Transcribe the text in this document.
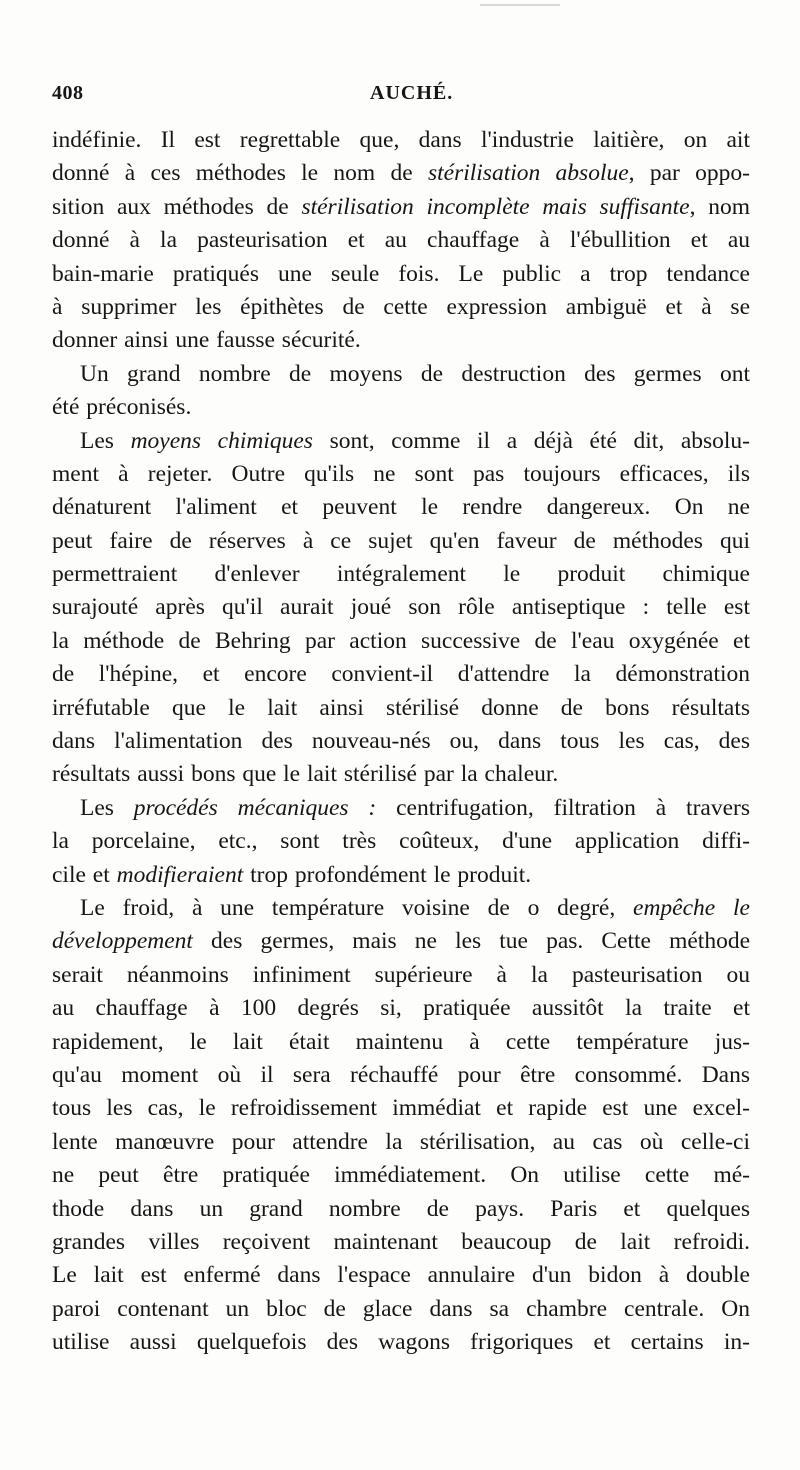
408	AUCHÉ.
indéfinie. Il est regrettable que, dans l'industrie laitière, on ait
donné à ces méthodes le nom de stérilisation absolue, par oppo-
sition aux méthodes de stérilisation incomplète mais suffisante, nom
donné à la pasteurisation et au chauffage à l'ébullition et au
bain-marie pratiqués une seule fois. Le public a trop tendance
à supprimer les épithètes de cette expression ambiguë et à se
donner ainsi une fausse sécurité.
Un grand nombre de moyens de destruction des germes ont
été préconisés.
Les moyens chimiques sont, comme il a déjà été dit, absolu-
ment à rejeter. Outre qu'ils ne sont pas toujours efficaces, ils
dénaturent l'aliment et peuvent le rendre dangereux. On ne
peut faire de réserves à ce sujet qu'en faveur de méthodes qui
permettraient d'enlever intégralement le produit chimique
surajouté après qu'il aurait joué son rôle antiseptique : telle est
la méthode de Behring par action successive de l'eau oxygénée et
de l'hépine, et encore convient-il d'attendre la démonstration
irréfutable que le lait ainsi stérilisé donne de bons résultats
dans l'alimentation des nouveau-nés ou, dans tous les cas, des
résultats aussi bons que le lait stérilisé par la chaleur.
Les procédés mécaniques : centrifugation, filtration à travers
la porcelaine, etc., sont très coûteux, d'une application diffi-
cile et modifieraient trop profondément le produit.
Le froid, à une température voisine de o degré, empêche le
développement des germes, mais ne les tue pas. Cette méthode
serait néanmoins infiniment supérieure à la pasteurisation ou
au chauffage à 100 degrés si, pratiquée aussitôt la traite et
rapidement, le lait était maintenu à cette température jus-
qu'au moment où il sera réchauffé pour être consommé. Dans
tous les cas, le refroidissement immédiat et rapide est une excel-
lente manœuvre pour attendre la stérilisation, au cas où celle-ci
ne peut être pratiquée immédiatement. On utilise cette mé-
thode dans un grand nombre de pays. Paris et quelques
grandes villes reçoivent maintenant beaucoup de lait refroidi.
Le lait est enfermé dans l'espace annulaire d'un bidon à double
paroi contenant un bloc de glace dans sa chambre centrale. On
utilise aussi quelquefois des wagons frigoriques et certains in-
